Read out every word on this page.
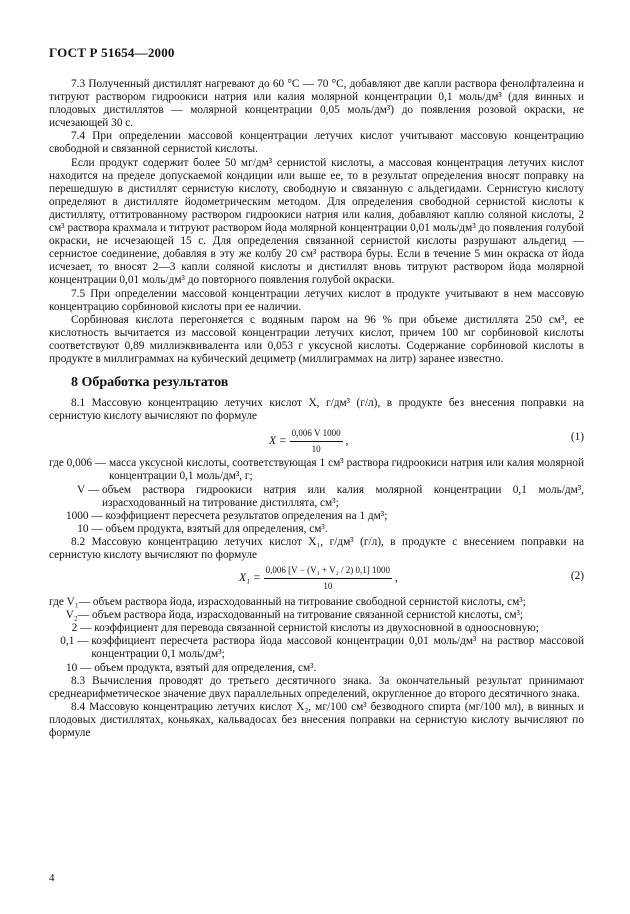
ГОСТ Р 51654—2000

7.3 Полученный дистиллят нагревают до 60 °С — 70 °С, добавляют две капли раствора фенолфталеина и титруют раствором гидроокиси натрия или калия молярной концентрации 0,1 моль/дм³ (для винных и плодовых дистиллятов — молярной концентрации 0,05 моль/дм³) до появления розовой окраски, не исчезающей 30 с.

7.4 При определении массовой концентрации летучих кислот учитывают массовую концентрацию свободной и связанной сернистой кислоты.

Если продукт содержит более 50 мг/дм³ сернистой кислоты, а массовая концентрация летучих кислот находится на пределе допускаемой кондиции или выше ее, то в результат определения вносят поправку на перешедшую в дистиллят сернистую кислоту, свободную и связанную с альдегидами. Сернистую кислоту определяют в дистилляте йодометрическим методом. Для определения свободной сернистой кислоты к дистилляту, оттитрованному раствором гидроокиси натрия или калия, добавляют каплю соляной кислоты, 2 см³ раствора крахмала и титруют раствором йода молярной концентрации 0,01 моль/дм³ до появления голубой окраски, не исчезающей 15 с. Для определения связанной сернистой кислоты разрушают альдегид — сернистое соединение, добавляя в эту же колбу 20 см³ раствора буры. Если в течение 5 мин окраска от йода исчезает, то вносят 2—3 капли соляной кислоты и дистиллят вновь титруют раствором йода молярной концентрации 0,01 моль/дм³ до повторного появления голубой окраски.

7.5 При определении массовой концентрации летучих кислот в продукте учитывают в нем массовую концентрацию сорбиновой кислоты при ее наличии.

Сорбиновая кислота перегоняется с водяным паром на 96 % при объеме дистиллята 250 см³, ее кислотность вычитается из массовой концентрации летучих кислот, причем 100 мг сорбиновой кислоты соответствуют 0,89 миллиэквивалента или 0,053 г уксусной кислоты. Содержание сорбиновой кислоты в продукте в миллиграммах на кубический дециметр (миллиграммах на литр) заранее известно.

8 Обработка результатов

8.1 Массовую концентрацию летучих кислот X, г/дм³ (г/л), в продукте без внесения поправки на сернистую кислоту вычисляют по формуле

$X = \frac{0,006 V 1000}{10}$ ,	(1)
где 0,006 — масса уксусной кислоты, соответствующая 1 см³ раствора гидроокиси натрия или калия молярной концентрации 0,1 моль/дм³, г;
V — объем раствора гидроокиси натрия или калия молярной концентрации 0,1 моль/дм³, израсходованный на титрование дистиллята, см³;
1000 — коэффициент пересчета результатов определения на 1 дм³;
10 — объем продукта, взятый для определения, см³.

8.2 Массовую концентрацию летучих кислот X₁, г/дм³ (г/л), в продукте с внесением поправки на сернистую кислоту вычисляют по формуле

$X_1 = \frac{\text{0,006 [V − (V₁ + V₂ / 2) 0,1] 1000}}{10}$ ,	(2)
где V₁— объем раствора йода, израсходованный на титрование свободной сернистой кислоты, см³;
V₂— объем раствора йода, израсходованный на титрование связанной сернистой кислоты, см³;
2 — коэффициент для перевода связанной сернистой кислоты из двухосновной в одноосновную;
0,1 — коэффициент пересчета раствора йода массовой концентрации 0,01 моль/дм³ на раствор массовой концентрации 0,1 моль/дм³;
10 — объем продукта, взятый для определения, см³.

8.3 Вычисления проводят до третьего десятичного знака. За окончательный результат принимают среднеарифметическое значение двух параллельных определений, округленное до второго десятичного знака.

8.4 Массовую концентрацию летучих кислот X₂, мг/100 см³ безводного спирта (мг/100 мл), в винных и плодовых дистиллятах, коньяках, кальвадосах без внесения поправки на сернистую кислоту вычисляют по формуле

4
